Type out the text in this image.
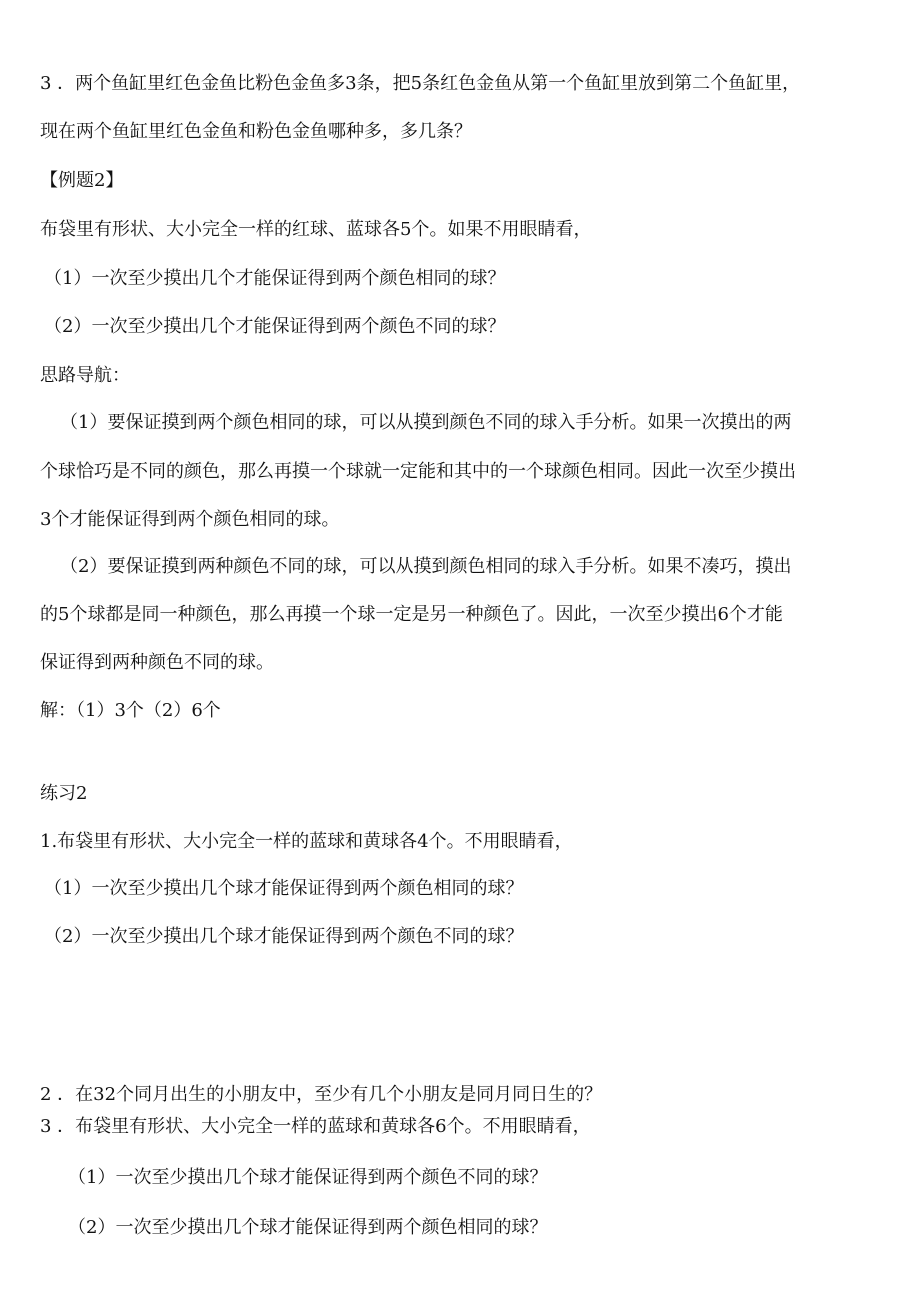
3 ．两个鱼缸里红色金鱼比粉色金鱼多3条，把5条红色金鱼从第一个鱼缸里放到第二个鱼缸里，
现在两个鱼缸里红色金鱼和粉色金鱼哪种多，多几条？
【例题2】
布袋里有形状、大小完全一样的红球、蓝球各5个。如果不用眼睛看，
（1）一次至少摸出几个才能保证得到两个颜色相同的球？
（2）一次至少摸出几个才能保证得到两个颜色不同的球？
思路导航：
（1）要保证摸到两个颜色相同的球，可以从摸到颜色不同的球入手分析。如果一次摸出的两
个球恰巧是不同的颜色，那么再摸一个球就一定能和其中的一个球颜色相同。因此一次至少摸出
3个才能保证得到两个颜色相同的球。
（2）要保证摸到两种颜色不同的球，可以从摸到颜色相同的球入手分析。如果不凑巧，摸出
的5个球都是同一种颜色，那么再摸一个球一定是另一种颜色了。因此，一次至少摸出6个才能
保证得到两种颜色不同的球。
解：（1）3个（2）6个
练习2
1.布袋里有形状、大小完全一样的蓝球和黄球各4个。不用眼睛看，
（1）一次至少摸出几个球才能保证得到两个颜色相同的球？
（2）一次至少摸出几个球才能保证得到两个颜色不同的球？
2 ．在32个同月出生的小朋友中，至少有几个小朋友是同月同日生的？
3 ．布袋里有形状、大小完全一样的蓝球和黄球各6个。不用眼睛看，
（1）一次至少摸出几个球才能保证得到两个颜色不同的球？
（2）一次至少摸出几个球才能保证得到两个颜色相同的球？
